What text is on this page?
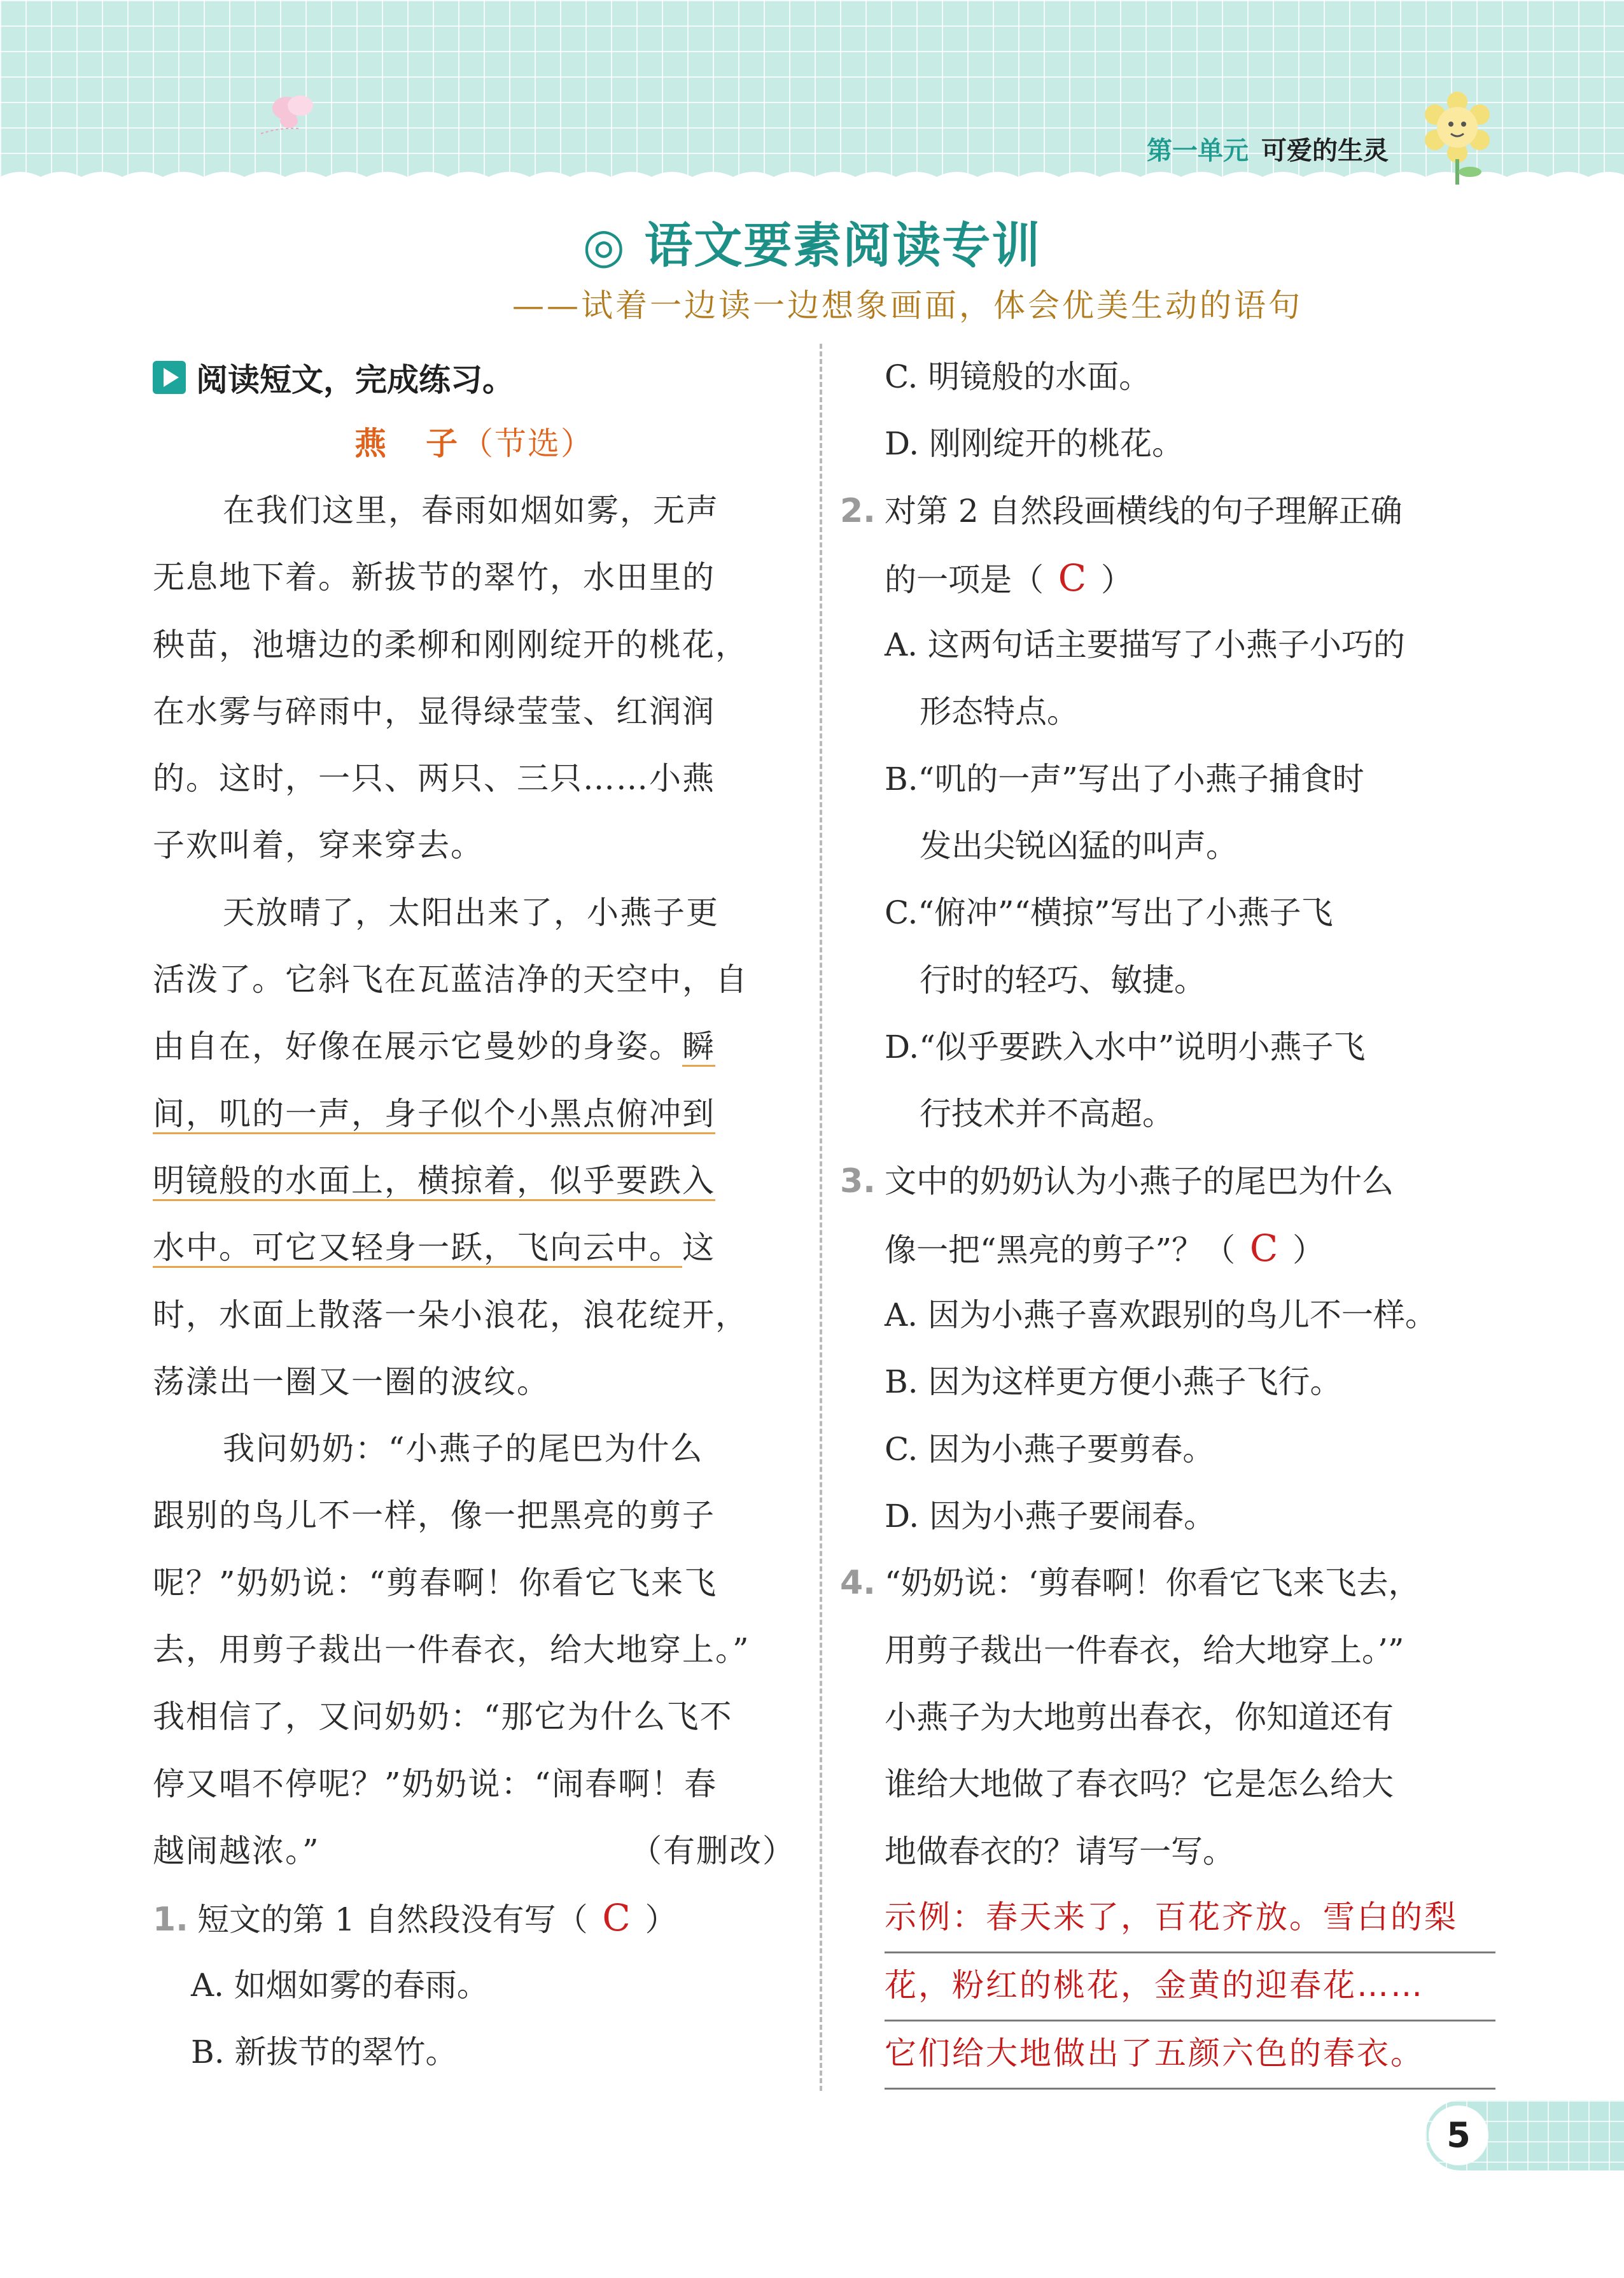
第一单元 可爱的生灵
◎ 语文要素阅读专训
——试着一边读一边想象画面，体会优美生动的语句
阅读短文，完成练习。
燕　子（节选）
在我们这里，春雨如烟如雾，无声
无息地下着。新拔节的翠竹，水田里的
秧苗，池塘边的柔柳和刚刚绽开的桃花，
在水雾与碎雨中，显得绿莹莹、红润润
的。这时，一只、两只、三只……小燕
子欢叫着，穿来穿去。
天放晴了，太阳出来了，小燕子更
活泼了。它斜飞在瓦蓝洁净的天空中，自
由自在，好像在展示它曼妙的身姿。瞬
间，叽的一声，身子似个小黑点俯冲到
明镜般的水面上，横掠着，似乎要跌入
水中。可它又轻身一跃，飞向云中。这
时，水面上散落一朵小浪花，浪花绽开，
荡漾出一圈又一圈的波纹。
我问奶奶：“小燕子的尾巴为什么
跟别的鸟儿不一样，像一把黑亮的剪子
呢？”奶奶说：“剪春啊！你看它飞来飞
去，用剪子裁出一件春衣，给大地穿上。”
我相信了，又问奶奶：“那它为什么飞不
停又唱不停呢？”奶奶说：“闹春啊！春
越闹越浓。”	（有删改）
1. 短文的第 1 自然段没有写（ C ）
A. 如烟如雾的春雨。
B. 新拔节的翠竹。
C. 明镜般的水面。
D. 刚刚绽开的桃花。
2. 对第 2 自然段画横线的句子理解正确
的一项是（ C ）
A. 这两句话主要描写了小燕子小巧的
形态特点。
B.“叽的一声”写出了小燕子捕食时
发出尖锐凶猛的叫声。
C.“俯冲”“横掠”写出了小燕子飞
行时的轻巧、敏捷。
D.“似乎要跌入水中”说明小燕子飞
行技术并不高超。
3. 文中的奶奶认为小燕子的尾巴为什么
像一把“黑亮的剪子”？（ C ）
A. 因为小燕子喜欢跟别的鸟儿不一样。
B. 因为这样更方便小燕子飞行。
C. 因为小燕子要剪春。
D. 因为小燕子要闹春。
4. “奶奶说：‘剪春啊！你看它飞来飞去，
用剪子裁出一件春衣，给大地穿上。’”
小燕子为大地剪出春衣，你知道还有
谁给大地做了春衣吗？它是怎么给大
地做春衣的？请写一写。
示例：春天来了，百花齐放。雪白的梨
花，粉红的桃花，金黄的迎春花……
它们给大地做出了五颜六色的春衣。
5
